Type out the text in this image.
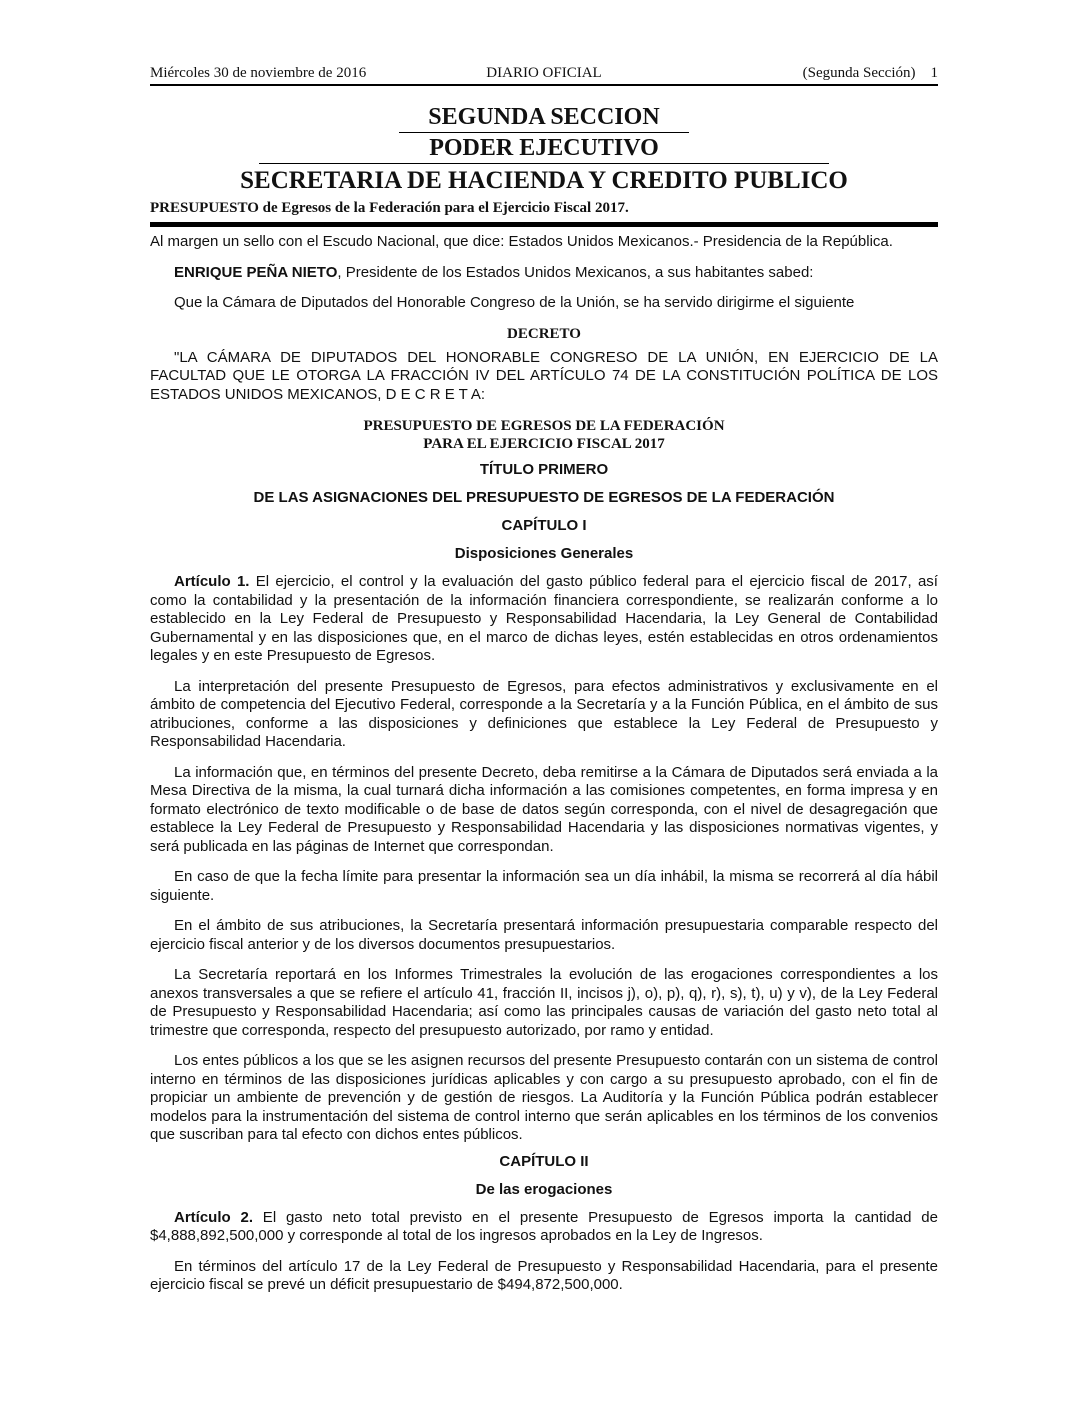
Miércoles 30 de noviembre de 2016	DIARIO OFICIAL	(Segunda Sección) 1
SEGUNDA SECCION
PODER EJECUTIVO
SECRETARIA DE HACIENDA Y CREDITO PUBLICO
PRESUPUESTO de Egresos de la Federación para el Ejercicio Fiscal 2017.

Al margen un sello con el Escudo Nacional, que dice: Estados Unidos Mexicanos.- Presidencia de la República.

ENRIQUE PEÑA NIETO, Presidente de los Estados Unidos Mexicanos, a sus habitantes sabed:

Que la Cámara de Diputados del Honorable Congreso de la Unión, se ha servido dirigirme el siguiente

DECRETO

"LA CÁMARA DE DIPUTADOS DEL HONORABLE CONGRESO DE LA UNIÓN, EN EJERCICIO DE LA FACULTAD QUE LE OTORGA LA FRACCIÓN IV DEL ARTÍCULO 74 DE LA CONSTITUCIÓN POLÍTICA DE LOS ESTADOS UNIDOS MEXICANOS, D E C R E T A:

PRESUPUESTO DE EGRESOS DE LA FEDERACIÓN

PARA EL EJERCICIO FISCAL 2017

TÍTULO PRIMERO

DE LAS ASIGNACIONES DEL PRESUPUESTO DE EGRESOS DE LA FEDERACIÓN

CAPÍTULO I

Disposiciones Generales

Artículo 1. El ejercicio, el control y la evaluación del gasto público federal para el ejercicio fiscal de 2017, así como la contabilidad y la presentación de la información financiera correspondiente, se realizarán conforme a lo establecido en la Ley Federal de Presupuesto y Responsabilidad Hacendaria, la Ley General de Contabilidad Gubernamental y en las disposiciones que, en el marco de dichas leyes, estén establecidas en otros ordenamientos legales y en este Presupuesto de Egresos.

La interpretación del presente Presupuesto de Egresos, para efectos administrativos y exclusivamente en el ámbito de competencia del Ejecutivo Federal, corresponde a la Secretaría y a la Función Pública, en el ámbito de sus atribuciones, conforme a las disposiciones y definiciones que establece la Ley Federal de Presupuesto y Responsabilidad Hacendaria.

La información que, en términos del presente Decreto, deba remitirse a la Cámara de Diputados será enviada a la Mesa Directiva de la misma, la cual turnará dicha información a las comisiones competentes, en forma impresa y en formato electrónico de texto modificable o de base de datos según corresponda, con el nivel de desagregación que establece la Ley Federal de Presupuesto y Responsabilidad Hacendaria y las disposiciones normativas vigentes, y será publicada en las páginas de Internet que correspondan.

En caso de que la fecha límite para presentar la información sea un día inhábil, la misma se recorrerá al día hábil siguiente.

En el ámbito de sus atribuciones, la Secretaría presentará información presupuestaria comparable respecto del ejercicio fiscal anterior y de los diversos documentos presupuestarios.

La Secretaría reportará en los Informes Trimestrales la evolución de las erogaciones correspondientes a los anexos transversales a que se refiere el artículo 41, fracción II, incisos j), o), p), q), r), s), t), u) y v), de la Ley Federal de Presupuesto y Responsabilidad Hacendaria; así como las principales causas de variación del gasto neto total al trimestre que corresponda, respecto del presupuesto autorizado, por ramo y entidad.

Los entes públicos a los que se les asignen recursos del presente Presupuesto contarán con un sistema de control interno en términos de las disposiciones jurídicas aplicables y con cargo a su presupuesto aprobado, con el fin de propiciar un ambiente de prevención y de gestión de riesgos. La Auditoría y la Función Pública podrán establecer modelos para la instrumentación del sistema de control interno que serán aplicables en los términos de los convenios que suscriban para tal efecto con dichos entes públicos.

CAPÍTULO II

De las erogaciones

Artículo 2. El gasto neto total previsto en el presente Presupuesto de Egresos importa la cantidad de $4,888,892,500,000 y corresponde al total de los ingresos aprobados en la Ley de Ingresos.

En términos del artículo 17 de la Ley Federal de Presupuesto y Responsabilidad Hacendaria, para el presente ejercicio fiscal se prevé un déficit presupuestario de $494,872,500,000.
